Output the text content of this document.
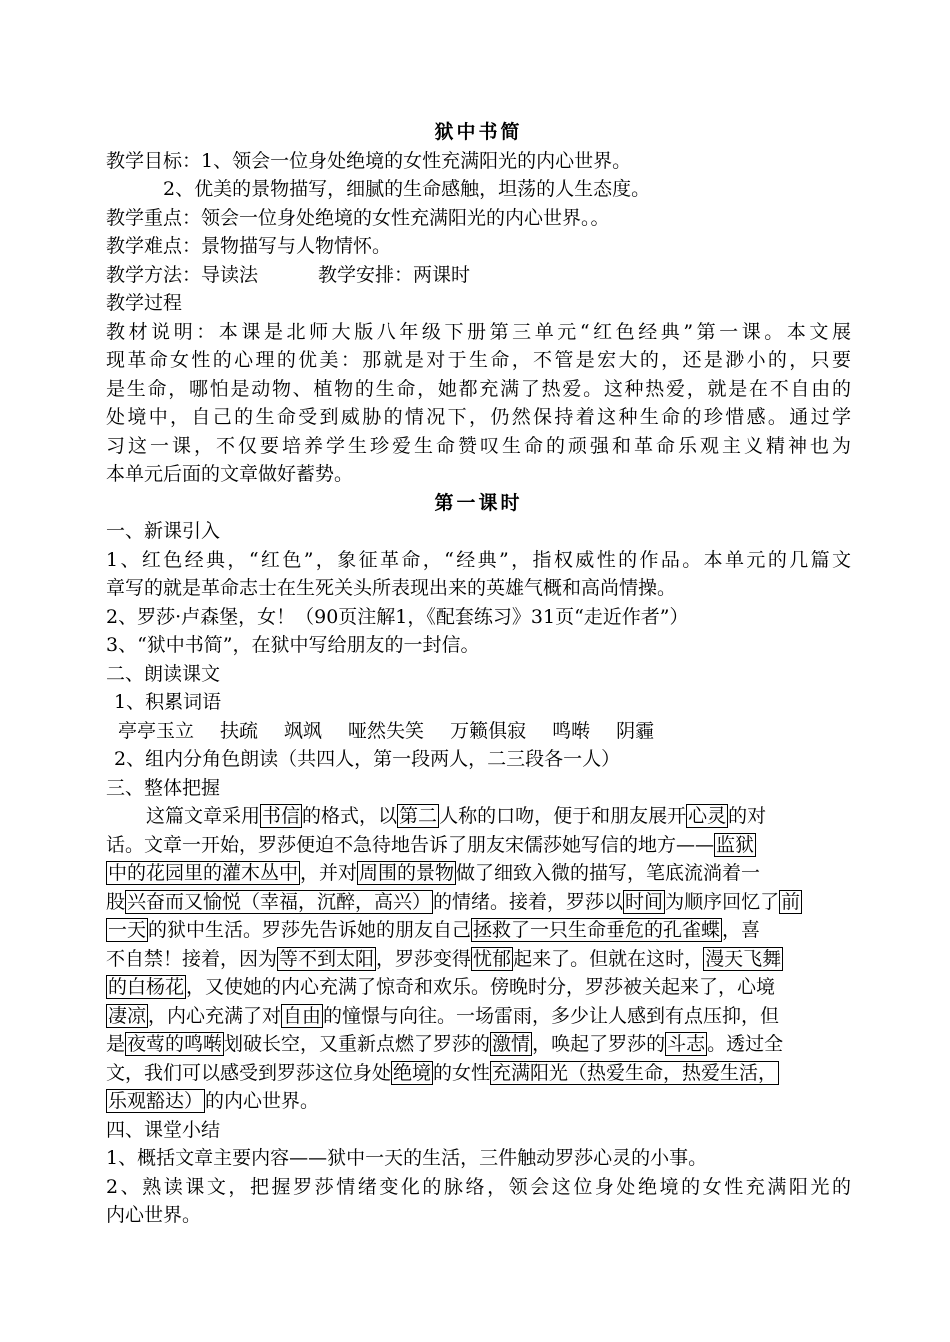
狱中书简
教学目标：1、领会一位身处绝境的女性充满阳光的内心世界。
2、优美的景物描写，细腻的生命感触，坦荡的人生态度。
教学重点：领会一位身处绝境的女性充满阳光的内心世界。。
教学难点：景物描写与人物情怀。
教学方法：导读法	教学安排：两课时
教学过程
教材说明：本课是北师大版八年级下册第三单元“红色经典”第一课。本文展
现革命女性的心理的优美：那就是对于生命，不管是宏大的，还是渺小的，只要
是生命，哪怕是动物、植物的生命，她都充满了热爱。这种热爱，就是在不自由的
处境中，自己的生命受到威胁的情况下，仍然保持着这种生命的珍惜感。通过学
习这一课，不仅要培养学生珍爱生命赞叹生命的顽强和革命乐观主义精神也为
本单元后面的文章做好蓄势。
第一课时
一、新课引入
1、红色经典，“红色”，象征革命，“经典”，指权威性的作品。本单元的几篇文
章写的就是革命志士在生死关头所表现出来的英雄气概和高尚情操。
2、罗莎·卢森堡，女！（90页注解1，《配套练习》31页“走近作者”）
3、“狱中书简”，在狱中写给朋友的一封信。
二、朗读课文
1、积累词语
亭亭玉立 扶疏 飒飒 哑然失笑 万籁俱寂 鸣啭 阴霾
2、组内分角色朗读（共四人，第一段两人，二三段各一人）
三、整体把握
这篇文章采用 书信 的格式，以 第二 人称的口吻，便于和朋友展开 心灵 的对
话。文章一开始，罗莎便迫不急待地告诉了朋友宋儒莎她写信的地方—— 监狱
中的花园里的灌木丛中 ，并对 周围的景物 做了细致入微的描写，笔底流淌着一
股 兴奋而又愉悦（幸福，沉醉，高兴） 的情绪。接着，罗莎以 时间 为顺序回忆了 前
一天 的狱中生活。罗莎先告诉她的朋友自己 拯救了一只生命垂危的孔雀蝶 ，喜
不自禁！接着，因为 等不到太阳 ，罗莎变得 忧郁 起来了。但就在这时， 漫天飞舞
的白杨花 ，又使她的内心充满了惊奇和欢乐。傍晚时分，罗莎被关起来了，心境
凄凉 ，内心充满了对 自由 的憧憬与向往。一场雷雨，多少让人感到有点压抑，但
是 夜莺的鸣啭 划破长空，又重新点燃了罗莎的 激情 ，唤起了罗莎的 斗志 。透过全
文，我们可以感受到罗莎这位身处 绝境 的女性 充满阳光（热爱生命，热爱生活，
乐观豁达） 的内心世界。
四、课堂小结
1、概括文章主要内容——狱中一天的生活，三件触动罗莎心灵的小事。
2、熟读课文，把握罗莎情绪变化的脉络，领会这位身处绝境的女性充满阳光的
内心世界。
